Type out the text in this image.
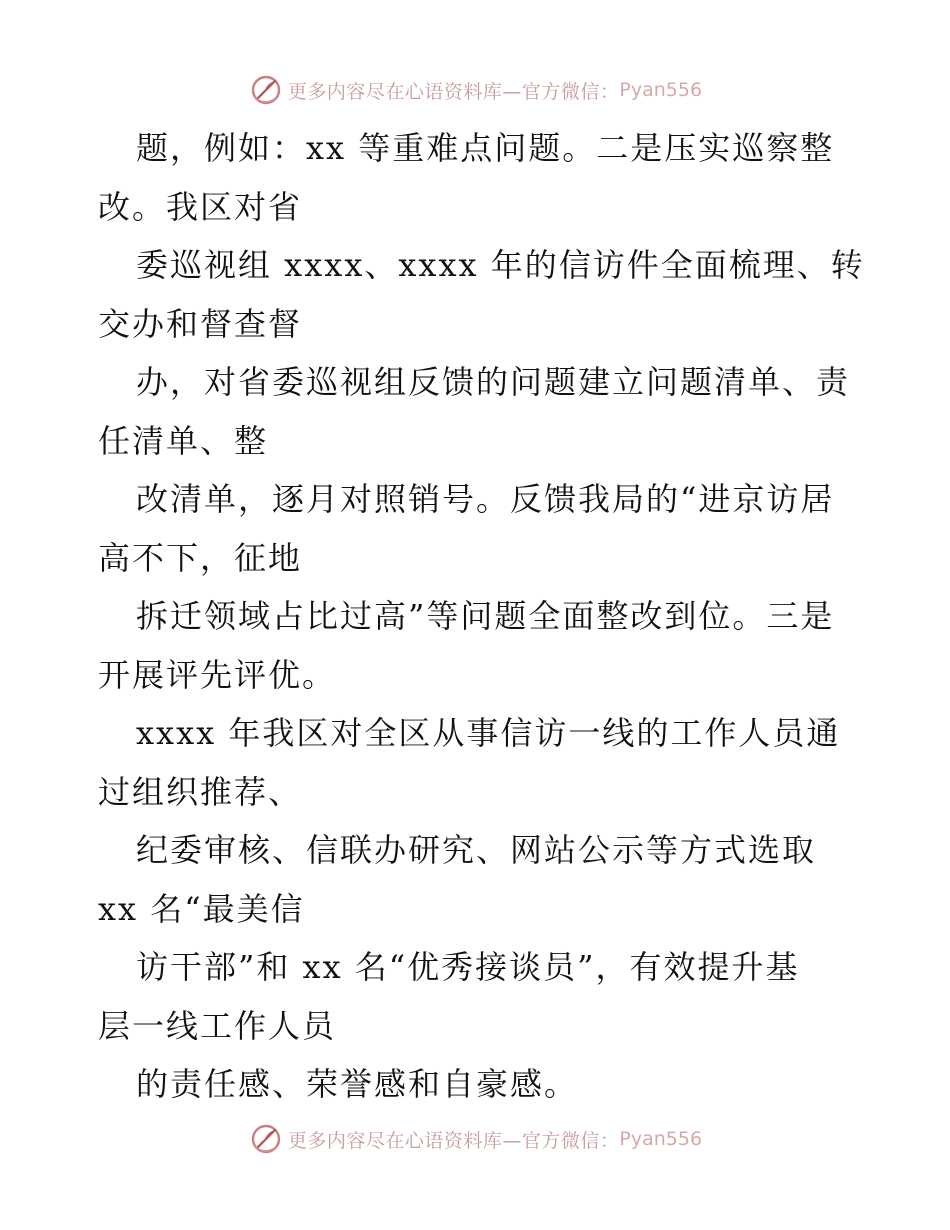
更多内容尽在心语资料库—官方微信： Pyan556
题，例如：xx 等重难点问题。二是压实巡察整
改。我区对省
委巡视组 xxxx、xxxx 年的信访件全面梳理、转
交办和督查督
办，对省委巡视组反馈的问题建立问题清单、责
任清单、整
改清单，逐月对照销号。反馈我局的“进京访居
高不下，征地
拆迁领域占比过高”等问题全面整改到位。三是
开展评先评优。
xxxx 年我区对全区从事信访一线的工作人员通
过组织推荐、
纪委审核、信联办研究、网站公示等方式选取
xx 名“最美信
访干部”和 xx 名“优秀接谈员”，有效提升基
层一线工作人员
的责任感、荣誉感和自豪感。
更多内容尽在心语资料库—官方微信： Pyan556
